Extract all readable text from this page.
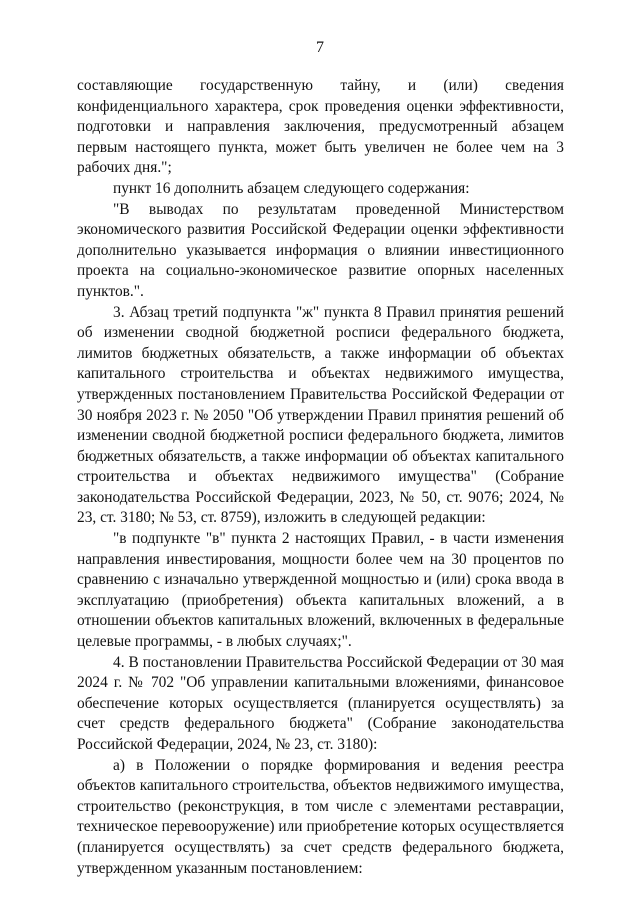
7

составляющие государственную тайну, и (или) сведения конфиденциального характера, срок проведения оценки эффективности, подготовки и направления заключения, предусмотренный абзацем первым настоящего пункта, может быть увеличен не более чем на 3 рабочих дня.";

пункт 16 дополнить абзацем следующего содержания:

"В выводах по результатам проведенной Министерством экономического развития Российской Федерации оценки эффективности дополнительно указывается информация о влиянии инвестиционного проекта на социально-экономическое развитие опорных населенных пунктов.".

3. Абзац третий подпункта "ж" пункта 8 Правил принятия решений об изменении сводной бюджетной росписи федерального бюджета, лимитов бюджетных обязательств, а также информации об объектах капитального строительства и объектах недвижимого имущества, утвержденных постановлением Правительства Российской Федерации от 30 ноября 2023 г. № 2050 "Об утверждении Правил принятия решений об изменении сводной бюджетной росписи федерального бюджета, лимитов бюджетных обязательств, а также информации об объектах капитального строительства и объектах недвижимого имущества" (Собрание законодательства Российской Федерации, 2023, № 50, ст. 9076; 2024, № 23, ст. 3180; № 53, ст. 8759), изложить в следующей редакции:

"в подпункте "в" пункта 2 настоящих Правил, - в части изменения направления инвестирования, мощности более чем на 30 процентов по сравнению с изначально утвержденной мощностью и (или) срока ввода в эксплуатацию (приобретения) объекта капитальных вложений, а в отношении объектов капитальных вложений, включенных в федеральные целевые программы, - в любых случаях;".

4. В постановлении Правительства Российской Федерации от 30 мая 2024 г. № 702 "Об управлении капитальными вложениями, финансовое обеспечение которых осуществляется (планируется осуществлять) за счет средств федерального бюджета" (Собрание законодательства Российской Федерации, 2024, № 23, ст. 3180):

а) в Положении о порядке формирования и ведения реестра объектов капитального строительства, объектов недвижимого имущества, строительство (реконструкция, в том числе с элементами реставрации, техническое перевооружение) или приобретение которых осуществляется (планируется осуществлять) за счет средств федерального бюджета, утвержденном указанным постановлением:
